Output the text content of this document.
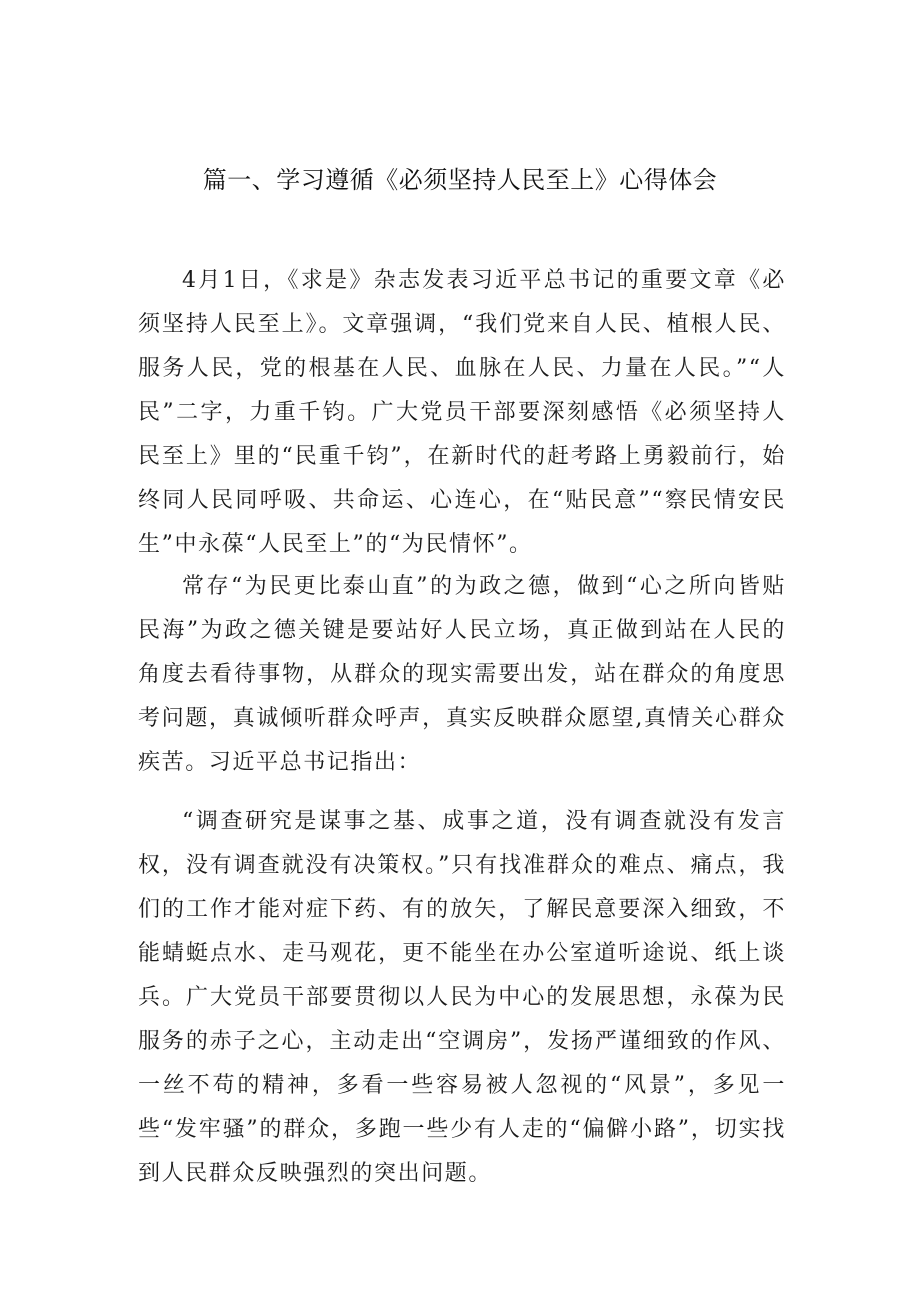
篇一、学习遵循《必须坚持人民至上》心得体会

4月1日，《求是》杂志发表习近平总书记的重要文章《必须坚持人民至上》。文章强调，“我们党来自人民、植根人民、服务人民，党的根基在人民、血脉在人民、力量在人民。”“人民”二字，力重千钧。广大党员干部要深刻感悟《必须坚持人民至上》里的“民重千钧”，在新时代的赶考路上勇毅前行，始终同人民同呼吸、共命运、心连心，在“贴民意”“察民情安民生”中永葆“人民至上”的“为民情怀”。

常存“为民更比泰山直”的为政之德，做到“心之所向皆贴民海”为政之德关键是要站好人民立场，真正做到站在人民的角度去看待事物，从群众的现实需要出发，站在群众的角度思考问题，真诚倾听群众呼声，真实反映群众愿望,真情关心群众疾苦。习近平总书记指出：

“调查研究是谋事之基、成事之道，没有调查就没有发言权，没有调查就没有决策权。”只有找准群众的难点、痛点，我们的工作才能对症下药、有的放矢，了解民意要深入细致，不能蜻蜓点水、走马观花，更不能坐在办公室道听途说、纸上谈兵。广大党员干部要贯彻以人民为中心的发展思想，永葆为民服务的赤子之心，主动走出“空调房”，发扬严谨细致的作风、一丝不苟的精神，多看一些容易被人忽视的“风景”，多见一些“发牢骚”的群众，多跑一些少有人走的“偏僻小路”，切实找到人民群众反映强烈的突出问题。
